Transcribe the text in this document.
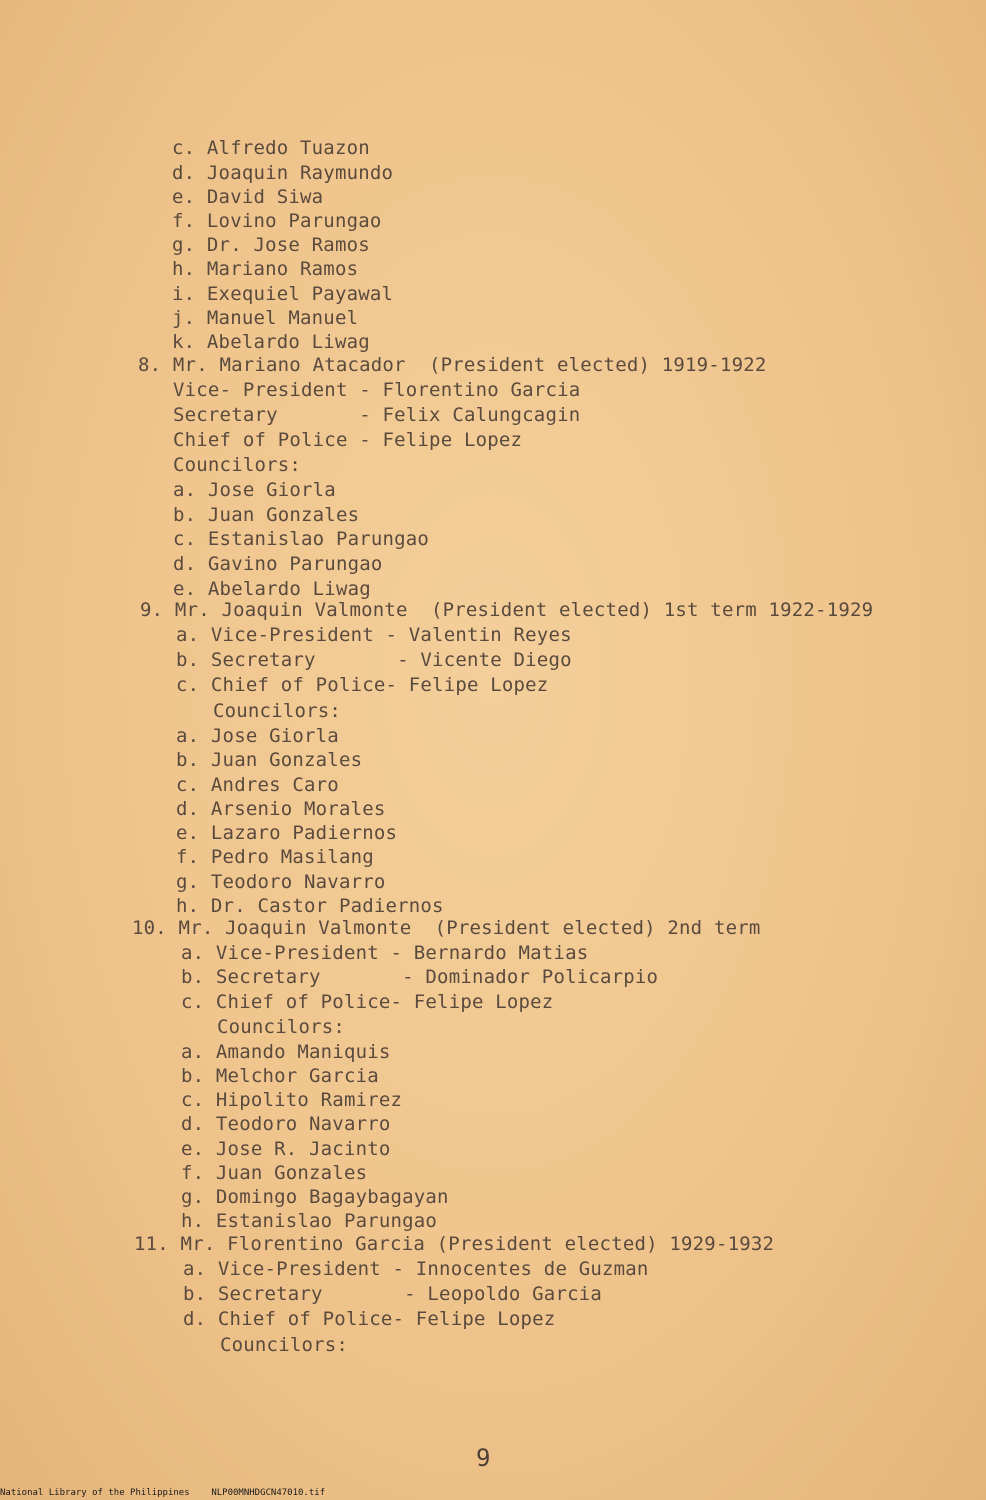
c. Alfredo Tuazon
d. Joaquin Raymundo
e. David Siwa
f. Lovino Parungao
g. Dr. Jose Ramos
h. Mariano Ramos
i. Exequiel Payawal
j. Manuel Manuel
k. Abelardo Liwag
8. Mr. Mariano Atacador  (President elected) 1919-1922
Vice- President - Florentino Garcia
Secretary       - Felix Calungcagin
Chief of Police - Felipe Lopez
Councilors:
a. Jose Giorla
b. Juan Gonzales
c. Estanislao Parungao
d. Gavino Parungao
e. Abelardo Liwag
9. Mr. Joaquin Valmonte  (President elected) 1st term 1922-1929
a. Vice-President - Valentin Reyes
b. Secretary       - Vicente Diego
c. Chief of Police- Felipe Lopez
Councilors:
a. Jose Giorla
b. Juan Gonzales
c. Andres Caro
d. Arsenio Morales
e. Lazaro Padiernos
f. Pedro Masilang
g. Teodoro Navarro
h. Dr. Castor Padiernos
10. Mr. Joaquin Valmonte  (President elected) 2nd term
a. Vice-President - Bernardo Matias
b. Secretary       - Dominador Policarpio
c. Chief of Police- Felipe Lopez
Councilors:
a. Amando Maniquis
b. Melchor Garcia
c. Hipolito Ramirez
d. Teodoro Navarro
e. Jose R. Jacinto
f. Juan Gonzales
g. Domingo Bagaybagayan
h. Estanislao Parungao
11. Mr. Florentino Garcia (President elected) 1929-1932
a. Vice-President - Innocentes de Guzman
b. Secretary       - Leopoldo Garcia
d. Chief of Police- Felipe Lopez
Councilors:
9
National Library of the Philippines    NLP00MNHDGCN47010.tif
